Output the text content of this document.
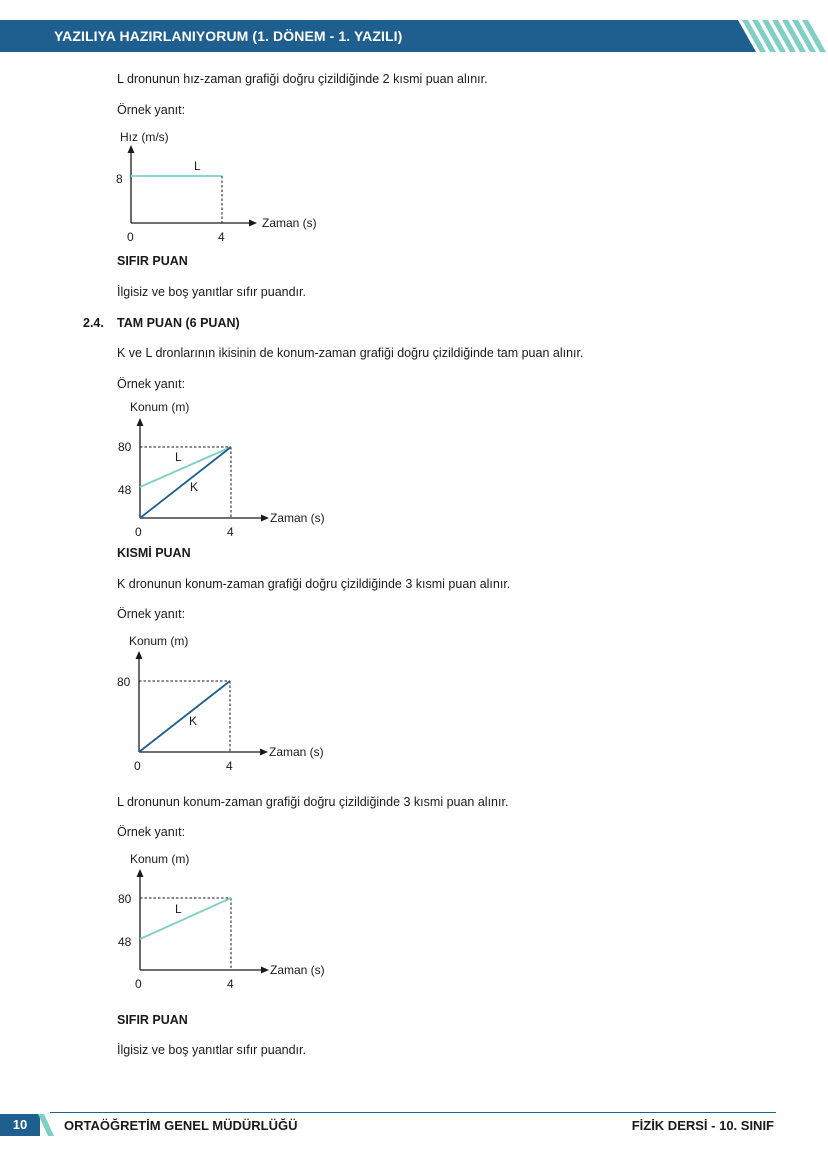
YAZILIYA HAZIRLANIYORUM (1. DÖNEM - 1. YAZILI)
L dronunun hız-zaman grafiği doğru çizildiğinde 2 kısmi puan alınır.
Örnek yanıt:
Hız (m/s)
L
8
0	4
Zaman (s)
SIFIR PUAN
İlgisiz ve boş yanıtlar sıfır puandır.
2.4. TAM PUAN (6 PUAN)
K ve L dronlarının ikisinin de konum-zaman grafiği doğru çizildiğinde tam puan alınır.
Örnek yanıt:
Konum (m)
L
K
80
48
0	4
Zaman (s)
KISMİ PUAN
K dronunun konum-zaman grafiği doğru çizildiğinde 3 kısmi puan alınır.
Örnek yanıt:
Konum (m)
K
80
0	4
Zaman (s)
L dronunun konum-zaman grafiği doğru çizildiğinde 3 kısmi puan alınır.
Örnek yanıt:
Konum (m)
L
80
48
0	4
Zaman (s)
SIFIR PUAN
İlgisiz ve boş yanıtlar sıfır puandır.
10	ORTAÖĞRETİM GENEL MÜDÜRLÜĞÜ	FİZİK DERSİ - 10. SINIF
